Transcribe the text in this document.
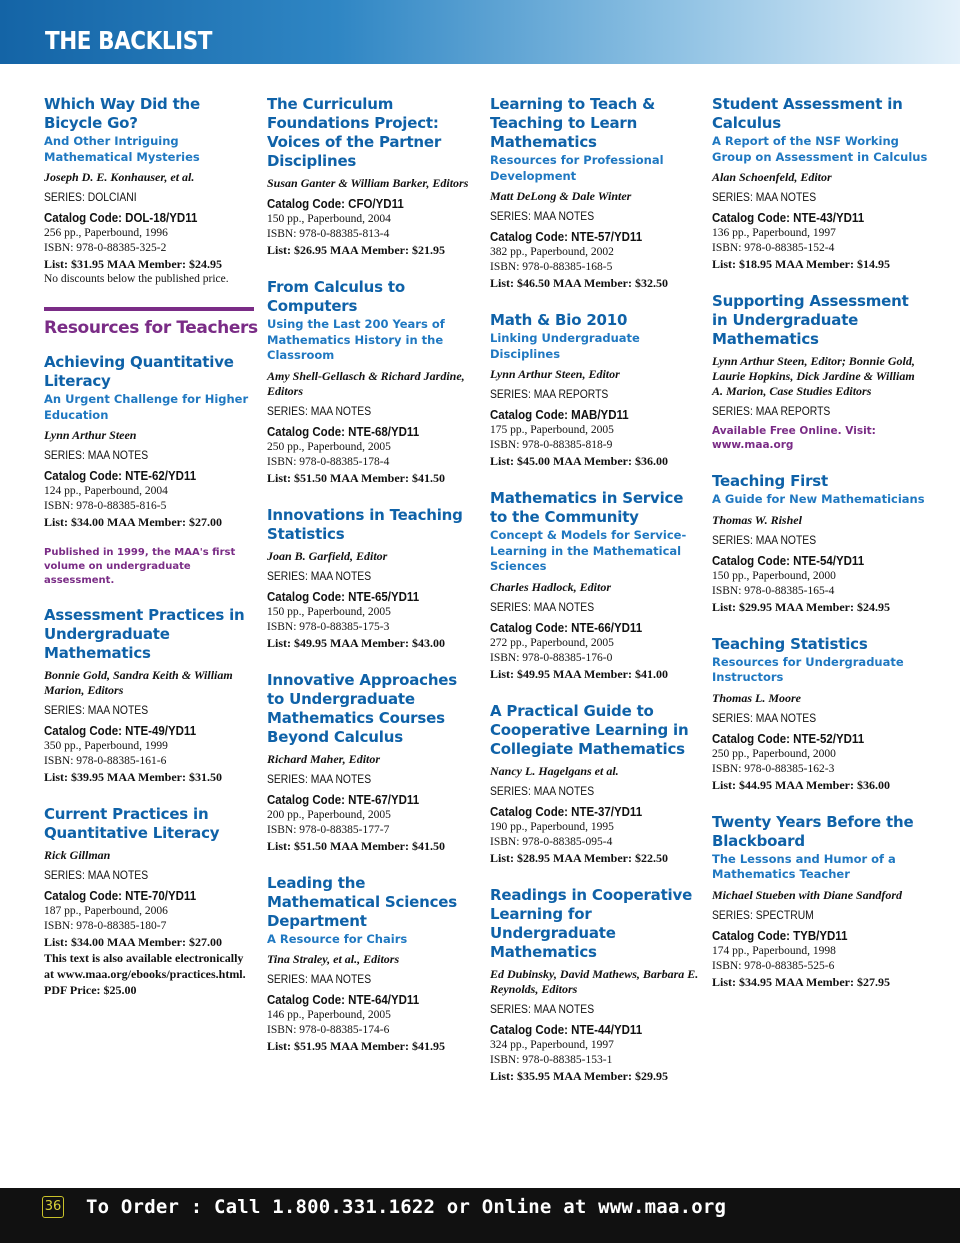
THE BACKLIST
Which Way Did the Bicycle Go?
And Other Intriguing Mathematical Mysteries
Joseph D. E. Konhauser, et al.
SERIES: DOLCIANI
Catalog Code: DOL-18/YD11
256 pp., Paperbound, 1996
ISBN: 978-0-88385-325-2
List: $31.95 MAA Member: $24.95
No discounts below the published price.
Resources for Teachers
Achieving Quantitative Literacy
An Urgent Challenge for Higher Education
Lynn Arthur Steen
SERIES: MAA NOTES
Catalog Code: NTE-62/YD11
124 pp., Paperbound, 2004
ISBN: 978-0-88385-816-5
List: $34.00 MAA Member: $27.00
Published in 1999, the MAA's first volume on undergraduate assessment.
Assessment Practices in Undergraduate Mathematics
Bonnie Gold, Sandra Keith & William Marion, Editors
SERIES: MAA NOTES
Catalog Code: NTE-49/YD11
350 pp., Paperbound, 1999
ISBN: 978-0-88385-161-6
List: $39.95 MAA Member: $31.50
Current Practices in Quantitative Literacy
Rick Gillman
SERIES: MAA NOTES
Catalog Code: NTE-70/YD11
187 pp., Paperbound, 2006
ISBN: 978-0-88385-180-7
List: $34.00 MAA Member: $27.00
This text is also available electronically at www.maa.org/ebooks/practices.html. PDF Price: $25.00
The Curriculum Foundations Project: Voices of the Partner Disciplines
Susan Ganter & William Barker, Editors
Catalog Code: CFO/YD11
150 pp., Paperbound, 2004
ISBN: 978-0-88385-813-4
List: $26.95 MAA Member: $21.95
From Calculus to Computers
Using the Last 200 Years of Mathematics History in the Classroom
Amy Shell-Gellasch & Richard Jardine, Editors
SERIES: MAA NOTES
Catalog Code: NTE-68/YD11
250 pp., Paperbound, 2005
ISBN: 978-0-88385-178-4
List: $51.50 MAA Member: $41.50
Innovations in Teaching Statistics
Joan B. Garfield, Editor
SERIES: MAA NOTES
Catalog Code: NTE-65/YD11
150 pp., Paperbound, 2005
ISBN: 978-0-88385-175-3
List: $49.95 MAA Member: $43.00
Innovative Approaches to Undergraduate Mathematics Courses Beyond Calculus
Richard Maher, Editor
SERIES: MAA NOTES
Catalog Code: NTE-67/YD11
200 pp., Paperbound, 2005
ISBN: 978-0-88385-177-7
List: $51.50 MAA Member: $41.50
Leading the Mathematical Sciences Department
A Resource for Chairs
Tina Straley, et al., Editors
SERIES: MAA NOTES
Catalog Code: NTE-64/YD11
146 pp., Paperbound, 2005
ISBN: 978-0-88385-174-6
List: $51.95 MAA Member: $41.95
Learning to Teach & Teaching to Learn Mathematics
Resources for Professional Development
Matt DeLong & Dale Winter
SERIES: MAA NOTES
Catalog Code: NTE-57/YD11
382 pp., Paperbound, 2002
ISBN: 978-0-88385-168-5
List: $46.50 MAA Member: $32.50
Math & Bio 2010
Linking Undergraduate Disciplines
Lynn Arthur Steen, Editor
SERIES: MAA REPORTS
Catalog Code: MAB/YD11
175 pp., Paperbound, 2005
ISBN: 978-0-88385-818-9
List: $45.00 MAA Member: $36.00
Mathematics in Service to the Community
Concept & Models for Service-Learning in the Mathematical Sciences
Charles Hadlock, Editor
SERIES: MAA NOTES
Catalog Code: NTE-66/YD11
272 pp., Paperbound, 2005
ISBN: 978-0-88385-176-0
List: $49.95 MAA Member: $41.00
A Practical Guide to Cooperative Learning in Collegiate Mathematics
Nancy L. Hagelgans et al.
SERIES: MAA NOTES
Catalog Code: NTE-37/YD11
190 pp., Paperbound, 1995
ISBN: 978-0-88385-095-4
List: $28.95 MAA Member: $22.50
Readings in Cooperative Learning for Undergraduate Mathematics
Ed Dubinsky, David Mathews, Barbara E. Reynolds, Editors
SERIES: MAA NOTES
Catalog Code: NTE-44/YD11
324 pp., Paperbound, 1997
ISBN: 978-0-88385-153-1
List: $35.95 MAA Member: $29.95
Student Assessment in Calculus
A Report of the NSF Working Group on Assessment in Calculus
Alan Schoenfeld, Editor
SERIES: MAA NOTES
Catalog Code: NTE-43/YD11
136 pp., Paperbound, 1997
ISBN: 978-0-88385-152-4
List: $18.95 MAA Member: $14.95
Supporting Assessment in Undergraduate Mathematics
Lynn Arthur Steen, Editor; Bonnie Gold, Laurie Hopkins, Dick Jardine & William A. Marion, Case Studies Editors
SERIES: MAA REPORTS
Available Free Online. Visit: www.maa.org
Teaching First
A Guide for New Mathematicians
Thomas W. Rishel
SERIES: MAA NOTES
Catalog Code: NTE-54/YD11
150 pp., Paperbound, 2000
ISBN: 978-0-88385-165-4
List: $29.95 MAA Member: $24.95
Teaching Statistics
Resources for Undergraduate Instructors
Thomas L. Moore
SERIES: MAA NOTES
Catalog Code: NTE-52/YD11
250 pp., Paperbound, 2000
ISBN: 978-0-88385-162-3
List: $44.95 MAA Member: $36.00
Twenty Years Before the Blackboard
The Lessons and Humor of a Mathematics Teacher
Michael Stueben with Diane Sandford
SERIES: SPECTRUM
Catalog Code: TYB/YD11
174 pp., Paperbound, 1998
ISBN: 978-0-88385-525-6
List: $34.95 MAA Member: $27.95
36 To Order : Call 1.800.331.1622 or Online at www.maa.org
